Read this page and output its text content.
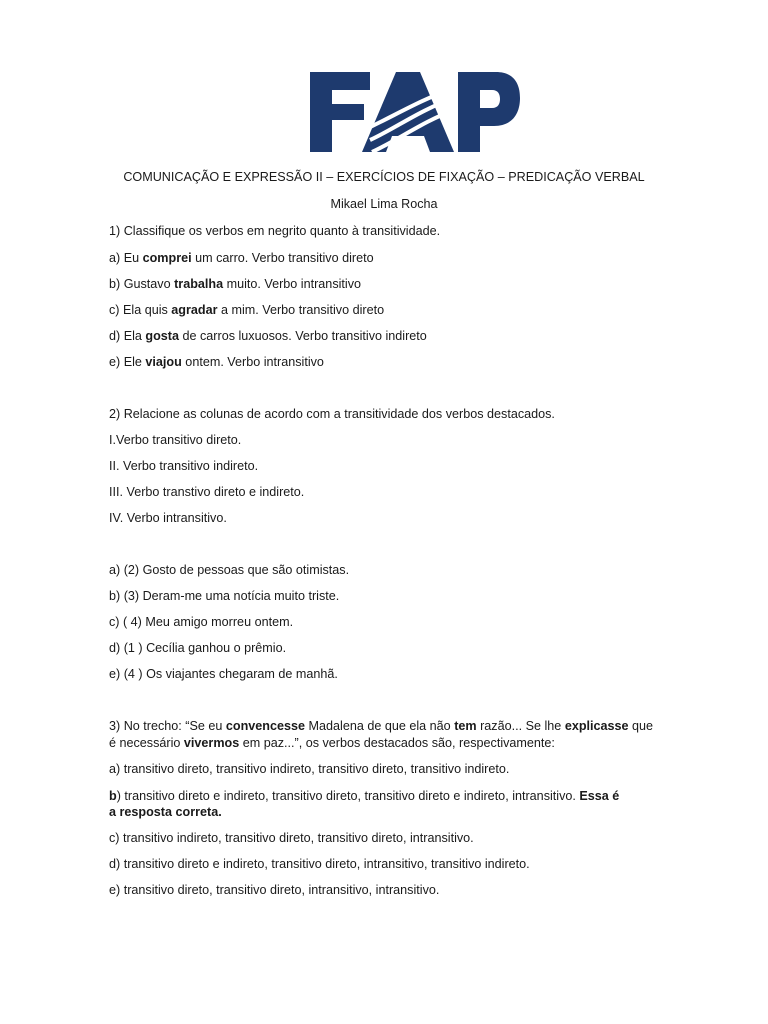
COMUNICAÇÃO E EXPRESSÃO II – EXERCÍCIOS DE FIXAÇÃO – PREDICAÇÃO VERBAL
Mikael Lima Rocha
1) Classifique os verbos em negrito quanto à transitividade.
a) Eu comprei um carro. Verbo transitivo direto
b) Gustavo trabalha muito. Verbo intransitivo
c) Ela quis agradar a mim. Verbo transitivo direto
d) Ela gosta de carros luxuosos. Verbo transitivo indireto
e) Ele viajou ontem. Verbo intransitivo
2) Relacione as colunas de acordo com a transitividade dos verbos destacados.
I.Verbo transitivo direto.
II. Verbo transitivo indireto.
III. Verbo transtivo direto e indireto.
IV. Verbo intransitivo.
a) (2) Gosto de pessoas que são otimistas.
b) (3) Deram-me uma notícia muito triste.
c) ( 4) Meu amigo morreu ontem.
d) (1 ) Cecília ganhou o prêmio.
e) (4 ) Os viajantes chegaram de manhã.
3) No trecho: “Se eu convencesse Madalena de que ela não tem razão... Se lhe explicasse que
é necessário vivermos em paz...”, os verbos destacados são, respectivamente:
a) transitivo direto, transitivo indireto, transitivo direto, transitivo indireto.
b) transitivo direto e indireto, transitivo direto, transitivo direto e indireto, intransitivo. Essa é
a resposta correta.
c) transitivo indireto, transitivo direto, transitivo direto, intransitivo.
d) transitivo direto e indireto, transitivo direto, intransitivo, transitivo indireto.
e) transitivo direto, transitivo direto, intransitivo, intransitivo.
